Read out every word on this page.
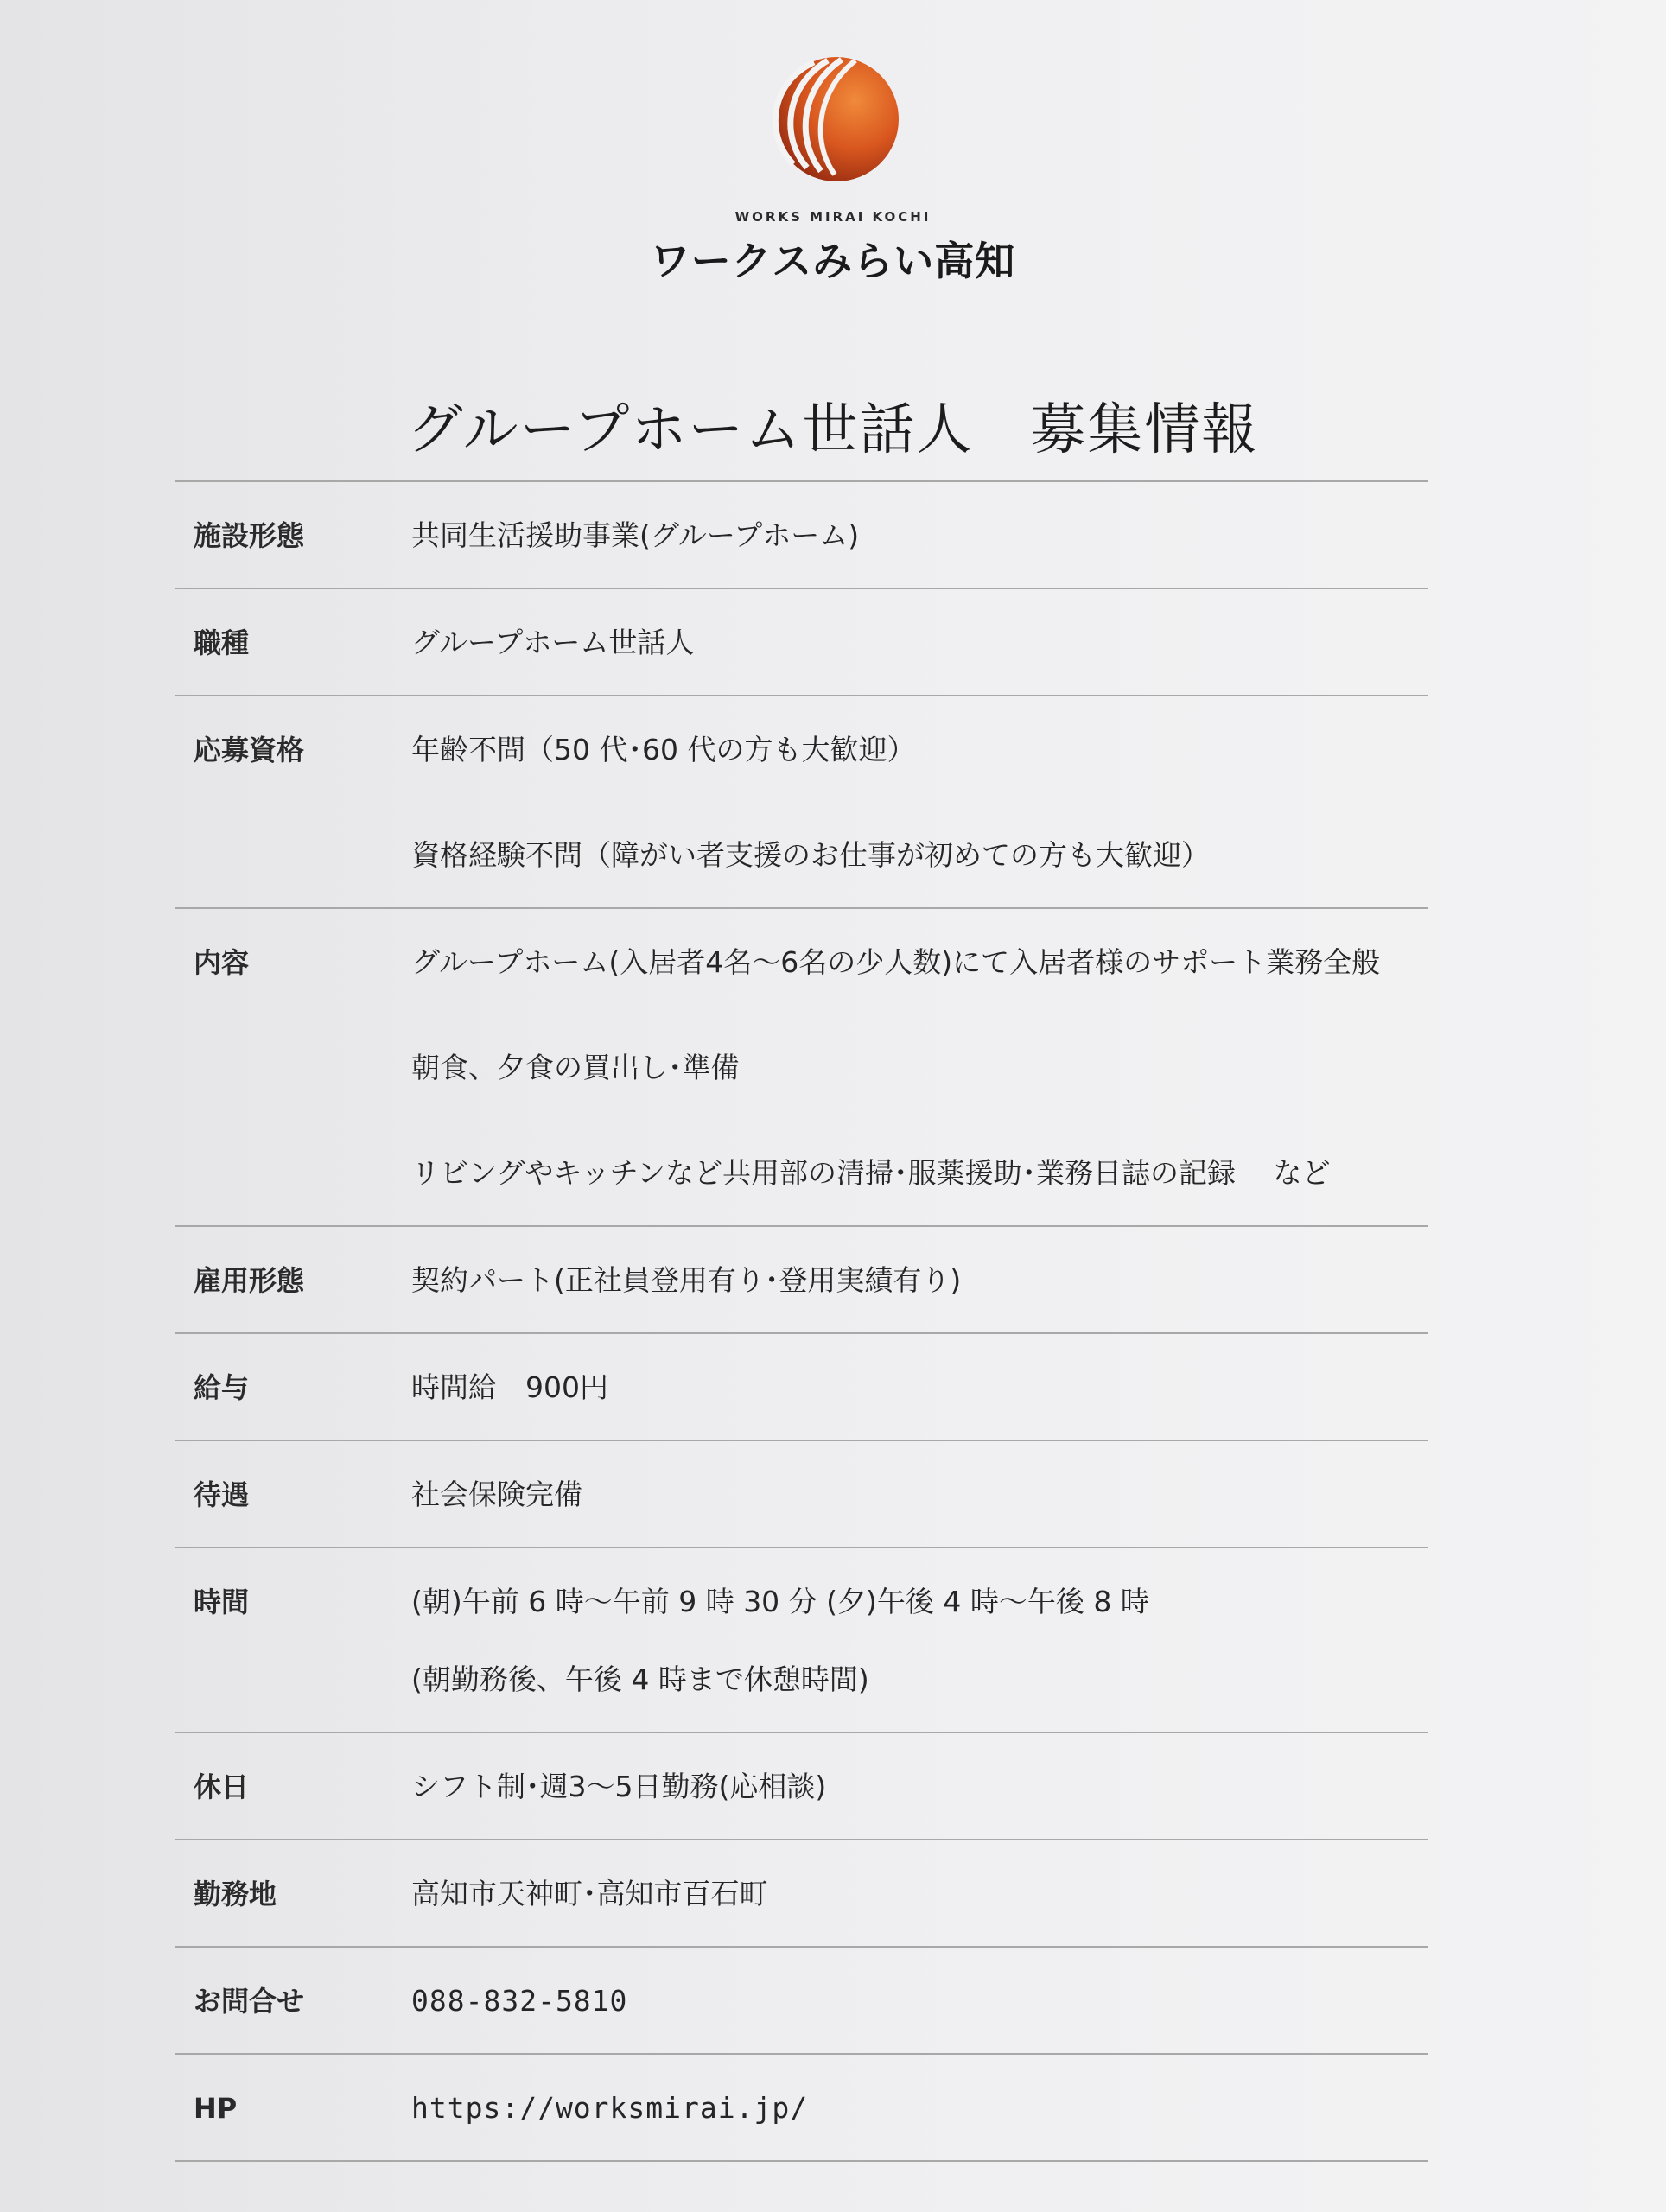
WORKS MIRAI KOCHI
ワークスみらい高知
グループホーム世話人　募集情報
施設形態	共同生活援助事業(グループホーム)
職種	グループホーム世話人
応募資格	年齢不問（50 代･60 代の方も大歓迎）
資格経験不問（障がい者支援のお仕事が初めての方も大歓迎）
内容	グループホーム(入居者4名～6名の少人数)にて入居者様のサポート業務全般
朝食、夕食の買出し･準備
リビングやキッチンなど共用部の清掃･服薬援助･業務日誌の記録　 など
雇用形態	契約パート(正社員登用有り･登用実績有り)
給与	時間給　900円
待遇	社会保険完備
時間	(朝)午前 6 時～午前 9 時 30 分 (夕)午後 4 時～午後 8 時
(朝勤務後、午後 4 時まで休憩時間)
休日	シフト制･週3～5日勤務(応相談)
勤務地	高知市天神町･高知市百石町
お問合せ	088-832-5810
HP	https://worksmirai.jp/
